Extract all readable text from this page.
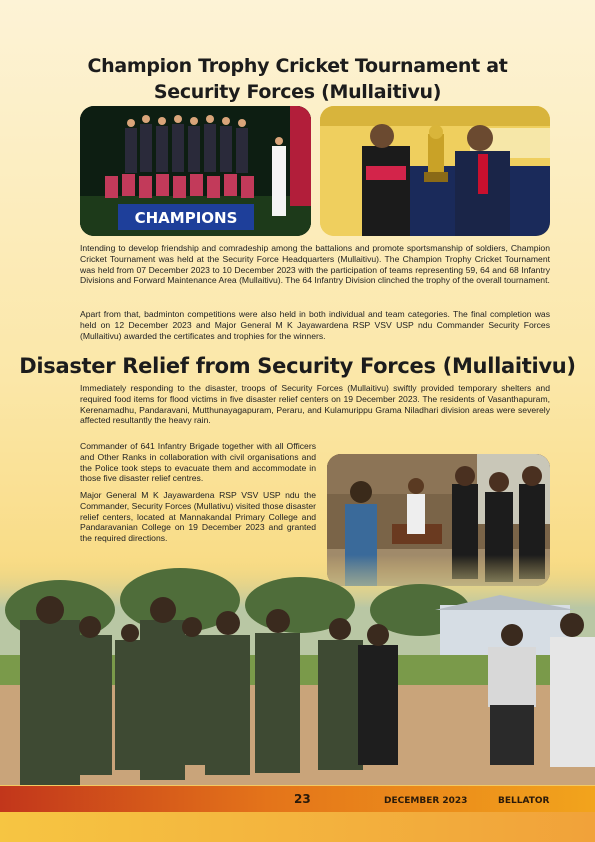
Champion Trophy Cricket Tournament at
Security Forces (Mullaitivu)
CHAMPIONS
Intending to develop friendship and comradeship among the battalions and promote sportsmanship of soldiers, Champion Cricket Tournament was held at the Security Force Headquarters (Mullaitivu). The Champion Trophy Cricket Tournament was held from 07 December 2023 to 10 December 2023 with the participation of teams representing 59, 64 and 68 Infantry Divisions and Forward Maintenance Area (Mullaitivu). The 64 Infantry Division clinched the trophy of the overall tournament.
Apart from that, badminton competitions were also held in both individual and team categories. The final completion was held on 12 December 2023 and Major General M K Jayawardena RSP VSV USP ndu Commander Security Forces (Mullaitivu) awarded the certificates and trophies for the winners.
Disaster Relief from Security Forces (Mullaitivu)
Immediately responding to the disaster, troops of Security Forces (Mullaitivu) swiftly provided temporary shelters and required food items for flood victims in five disaster relief centers on 19 December 2023. The residents of Vasanthapuram, Kerenamadhu, Pandaravani, Mutthunayagapuram, Peraru, and Kulamurippu Grama Niladhari division areas were severely affected resultantly the heavy rain.
Commander of 641 Infantry Brigade together with all Officers and Other Ranks in collaboration with civil organisations and the Police took steps to evacuate them and accommodate in those five disaster relief centres.
Major General M K Jayawardena RSP VSV USP ndu the Commander, Security Forces (Mullativu) visited those disaster relief centers, located at Mannakandal Primary College and Pandaravanian College on 19 December 2023 and granted the required directions.
23	DECEMBER 2023	BELLATOR
